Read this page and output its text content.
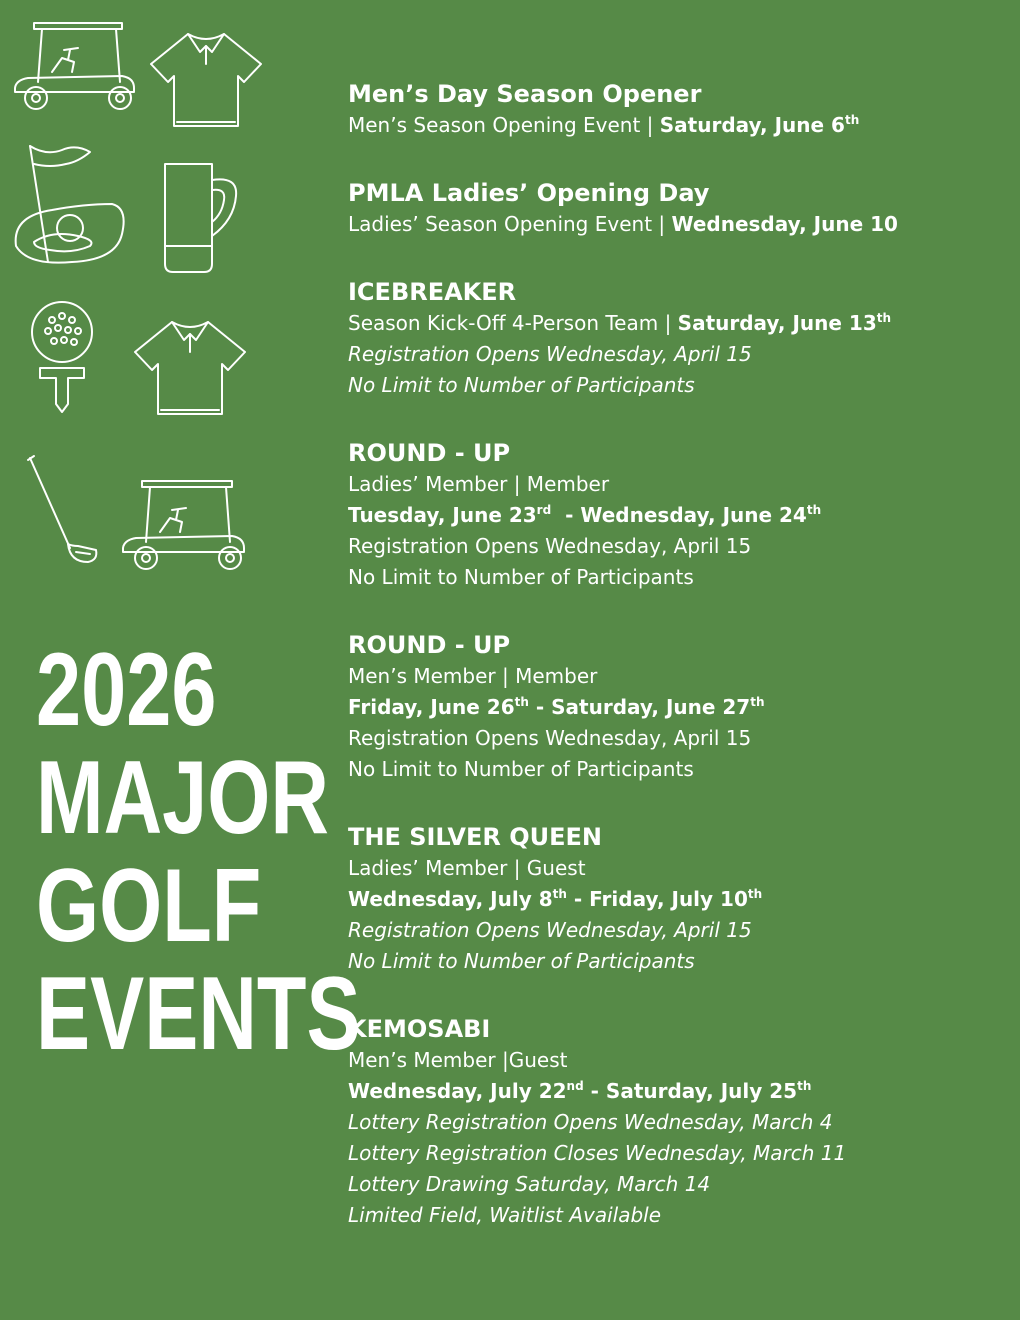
2026
MAJOR
GOLF
EVENTS
Men’s Day Season Opener
Men’s Season Opening Event | Saturday, June 6th
PMLA Ladies’ Opening Day
Ladies’ Season Opening Event | Wednesday, June 10
ICEBREAKER
Season Kick-Off 4-Person Team | Saturday, June 13th
Registration Opens Wednesday, April 15
No Limit to Number of Participants
ROUND - UP
Ladies’ Member | Member
Tuesday, June 23rd  - Wednesday, June 24th
Registration Opens Wednesday, April 15
No Limit to Number of Participants
ROUND - UP
Men’s Member | Member
Friday, June 26th - Saturday, June 27th
Registration Opens Wednesday, April 15
No Limit to Number of Participants
THE SILVER QUEEN
Ladies’ Member | Guest
Wednesday, July 8th - Friday, July 10th
Registration Opens Wednesday, April 15
No Limit to Number of Participants
KEMOSABI
Men’s Member |Guest
Wednesday, July 22nd - Saturday, July 25th
Lottery Registration Opens Wednesday, March 4
Lottery Registration Closes Wednesday, March 11
Lottery Drawing Saturday, March 14
Limited Field, Waitlist Available
